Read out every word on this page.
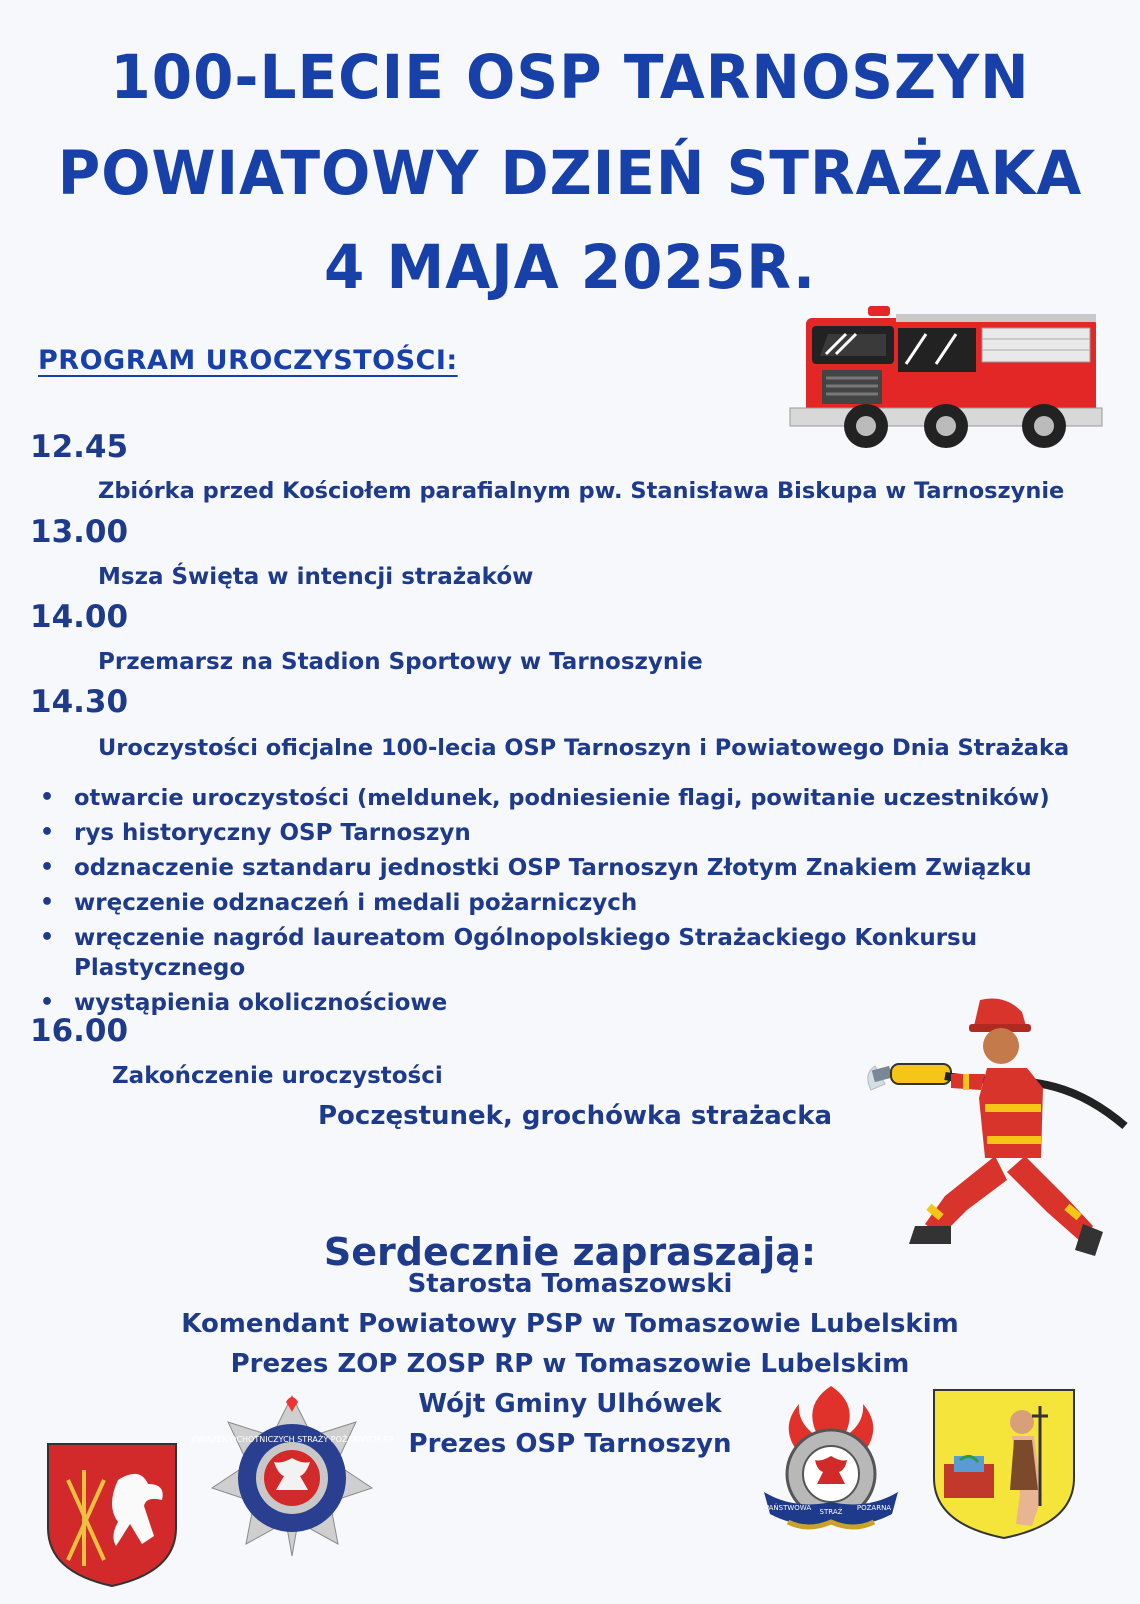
100-LECIE OSP TARNOSZYN
POWIATOWY DZIEŃ STRAŻAKA
4 MAJA 2025R.
PROGRAM UROCZYSTOŚCI:
12.45
Zbiórka przed Kościołem parafialnym pw. Stanisława Biskupa w Tarnoszynie
13.00
Msza Święta w intencji strażaków
14.00
Przemarsz na Stadion Sportowy w Tarnoszynie
14.30
Uroczystości oficjalne 100-lecia OSP Tarnoszyn i Powiatowego Dnia Strażaka
• otwarcie uroczystości (meldunek, podniesienie flagi, powitanie uczestników)
• rys historyczny OSP Tarnoszyn
• odznaczenie sztandaru jednostki OSP Tarnoszyn Złotym Znakiem Związku
• wręczenie odznaczeń i medali pożarniczych
• wręczenie nagród laureatom Ogólnopolskiego Strażackiego Konkursu Plastycznego
• wystąpienia okolicznościowe
16.00
Zakończenie uroczystości
Poczęstunek, grochówka strażacka
Serdecznie zapraszają:
Starosta Tomaszowski
Komendant Powiatowy PSP w Tomaszowie Lubelskim
Prezes ZOP ZOSP RP w Tomaszowie Lubelskim
Wójt Gminy Ulhówek
Prezes OSP Tarnoszyn
ZWIĄZEK OCHOTNICZYCH STRAŻY POŻARNYCH RP
PAŃSTWOWA STRAŻ POŻARNA
